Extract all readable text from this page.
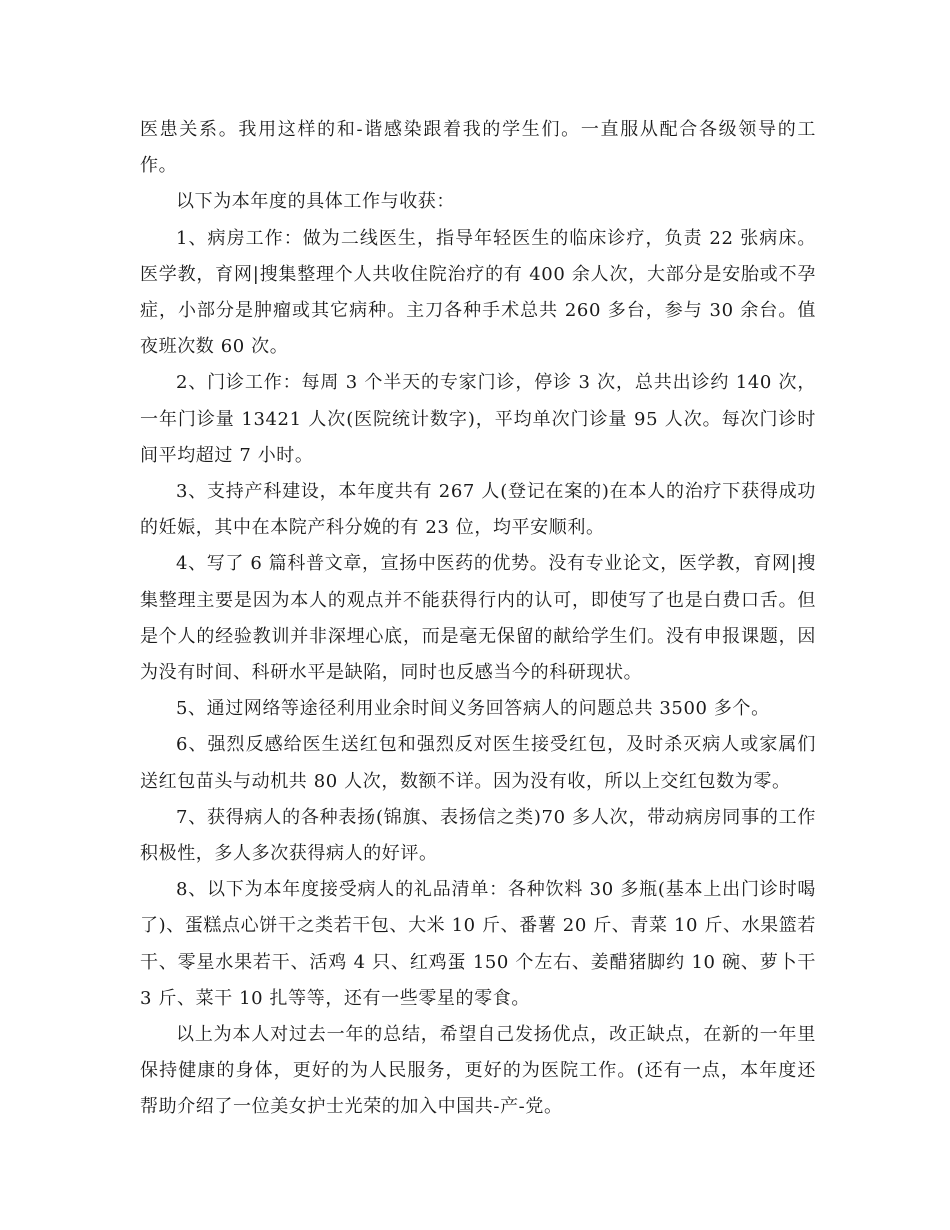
医患关系。我用这样的和-谐感染跟着我的学生们。一直服从配合各级领导的工作。

以下为本年度的具体工作与收获：

1、病房工作：做为二线医生，指导年轻医生的临床诊疗，负责 22 张病床。医学教，育网|搜集整理个人共收住院治疗的有 400 余人次，大部分是安胎或不孕症，小部分是肿瘤或其它病种。主刀各种手术总共 260 多台，参与 30 余台。值夜班次数 60 次。

2、门诊工作：每周 3 个半天的专家门诊，停诊 3 次，总共出诊约 140 次，一年门诊量 13421 人次(医院统计数字)，平均单次门诊量 95 人次。每次门诊时间平均超过 7 小时。

3、支持产科建设，本年度共有 267 人(登记在案的)在本人的治疗下获得成功的妊娠，其中在本院产科分娩的有 23 位，均平安顺利。

4、写了 6 篇科普文章，宣扬中医药的优势。没有专业论文，医学教，育网|搜集整理主要是因为本人的观点并不能获得行内的认可，即使写了也是白费口舌。但是个人的经验教训并非深埋心底，而是毫无保留的献给学生们。没有申报课题，因为没有时间、科研水平是缺陷，同时也反感当今的科研现状。

5、通过网络等途径利用业余时间义务回答病人的问题总共 3500 多个。

6、强烈反感给医生送红包和强烈反对医生接受红包，及时杀灭病人或家属们送红包苗头与动机共 80 人次，数额不详。因为没有收，所以上交红包数为零。

7、获得病人的各种表扬(锦旗、表扬信之类)70 多人次，带动病房同事的工作积极性，多人多次获得病人的好评。

8、以下为本年度接受病人的礼品清单：各种饮料 30 多瓶(基本上出门诊时喝了)、蛋糕点心饼干之类若干包、大米 10 斤、番薯 20 斤、青菜 10 斤、水果篮若干、零星水果若干、活鸡 4 只、红鸡蛋 150 个左右、姜醋猪脚约 10 碗、萝卜干 3 斤、菜干 10 扎等等，还有一些零星的零食。

以上为本人对过去一年的总结，希望自己发扬优点，改正缺点，在新的一年里保持健康的身体，更好的为人民服务，更好的为医院工作。(还有一点，本年度还帮助介绍了一位美女护士光荣的加入中国共-产-党。
